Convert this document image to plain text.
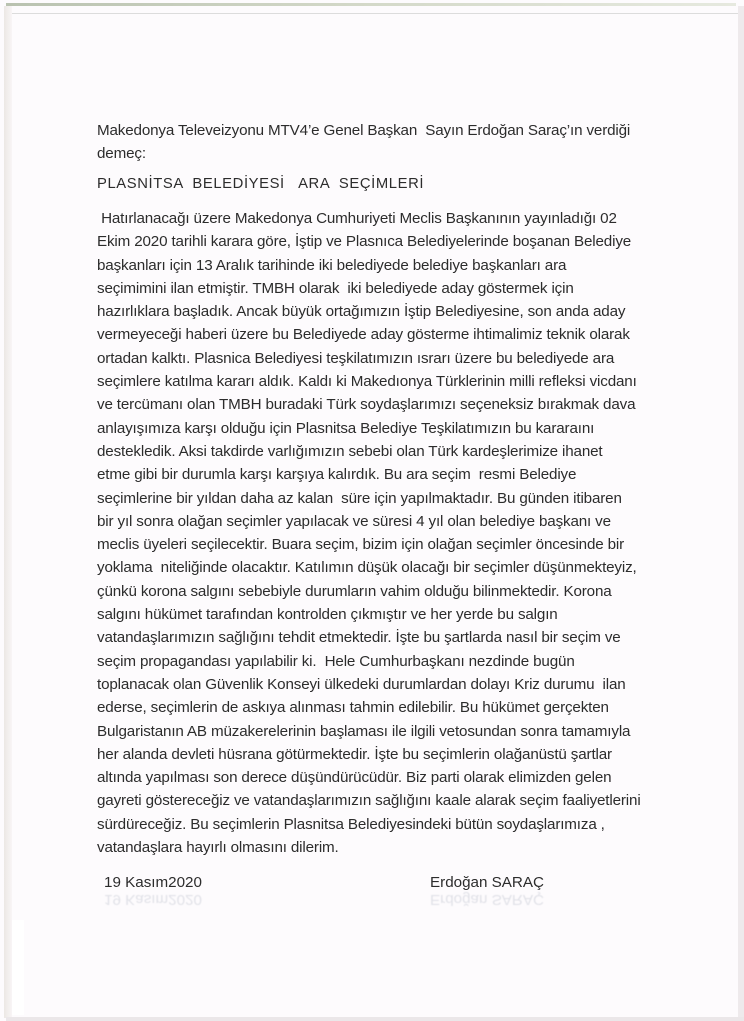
Makedonya Televeizyonu MTV4’e Genel Başkan  Sayın Erdoğan Saraç’ın verdiği
demeç:
PLASNİTSA  BELEDİYESİ   ARA  SEÇİMLERİ
Hatırlanacağı üzere Makedonya Cumhuriyeti Meclis Başkanının yayınladığı 02
Ekim 2020 tarihli karara göre, İştip ve Plasnıca Belediyelerinde boşanan Belediye
başkanları için 13 Aralık tarihinde iki belediyede belediye başkanları ara
seçimimini ilan etmiştir. TMBH olarak  iki belediyede aday göstermek için
hazırlıklara başladık. Ancak büyük ortağımızın İştip Belediyesine, son anda aday
vermeyeceği haberi üzere bu Belediyede aday gösterme ihtimalimiz teknik olarak
ortadan kalktı. Plasnica Belediyesi teşkilatımızın ısrarı üzere bu belediyede ara
seçimlere katılma kararı aldık. Kaldı ki Makedıonya Türklerinin milli refleksi vicdanı
ve tercümanı olan TMBH buradaki Türk soydaşlarımızı seçeneksiz bırakmak dava
anlayışımıza karşı olduğu için Plasnitsa Belediye Teşkilatımızın bu kararaını
destekledik. Aksi takdirde varlığımızın sebebi olan Türk kardeşlerimize ihanet
etme gibi bir durumla karşı karşıya kalırdık. Bu ara seçim  resmi Belediye
seçimlerine bir yıldan daha az kalan  süre için yapılmaktadır. Bu günden itibaren
bir yıl sonra olağan seçimler yapılacak ve süresi 4 yıl olan belediye başkanı ve
meclis üyeleri seçilecektir. Buara seçim, bizim için olağan seçimler öncesinde bir
yoklama  niteliğinde olacaktır. Katılımın düşük olacağı bir seçimler düşünmekteyiz,
çünkü korona salgını sebebiyle durumların vahim olduğu bilinmektedir. Korona
salgını hükümet tarafından kontrolden çıkmıştır ve her yerde bu salgın
vatandaşlarımızın sağlığını tehdit etmektedir. İşte bu şartlarda nasıl bir seçim ve
seçim propagandası yapılabilir ki.  Hele Cumhurbaşkanı nezdinde bugün
toplanacak olan Güvenlik Konseyi ülkedeki durumlardan dolayı Kriz durumu  ilan
ederse, seçimlerin de askıya alınması tahmin edilebilir. Bu hükümet gerçekten
Bulgaristanın AB müzakerelerinin başlaması ile ilgili vetosundan sonra tamamıyla
her alanda devleti hüsrana götürmektedir. İşte bu seçimlerin olağanüstü şartlar
altında yapılması son derece düşündürücüdür. Biz parti olarak elimizden gelen
gayreti göstereceğiz ve vatandaşlarımızın sağlığını kaale alarak seçim faaliyetlerini
sürdüreceğiz. Bu seçimlerin Plasnitsa Belediyesindeki bütün soydaşlarımıza ,
vatandaşlara hayırlı olmasını dilerim.
19 Kasım2020	Erdoğan SARAÇ
19 Kasım2020	Erdoğan SARAÇ
